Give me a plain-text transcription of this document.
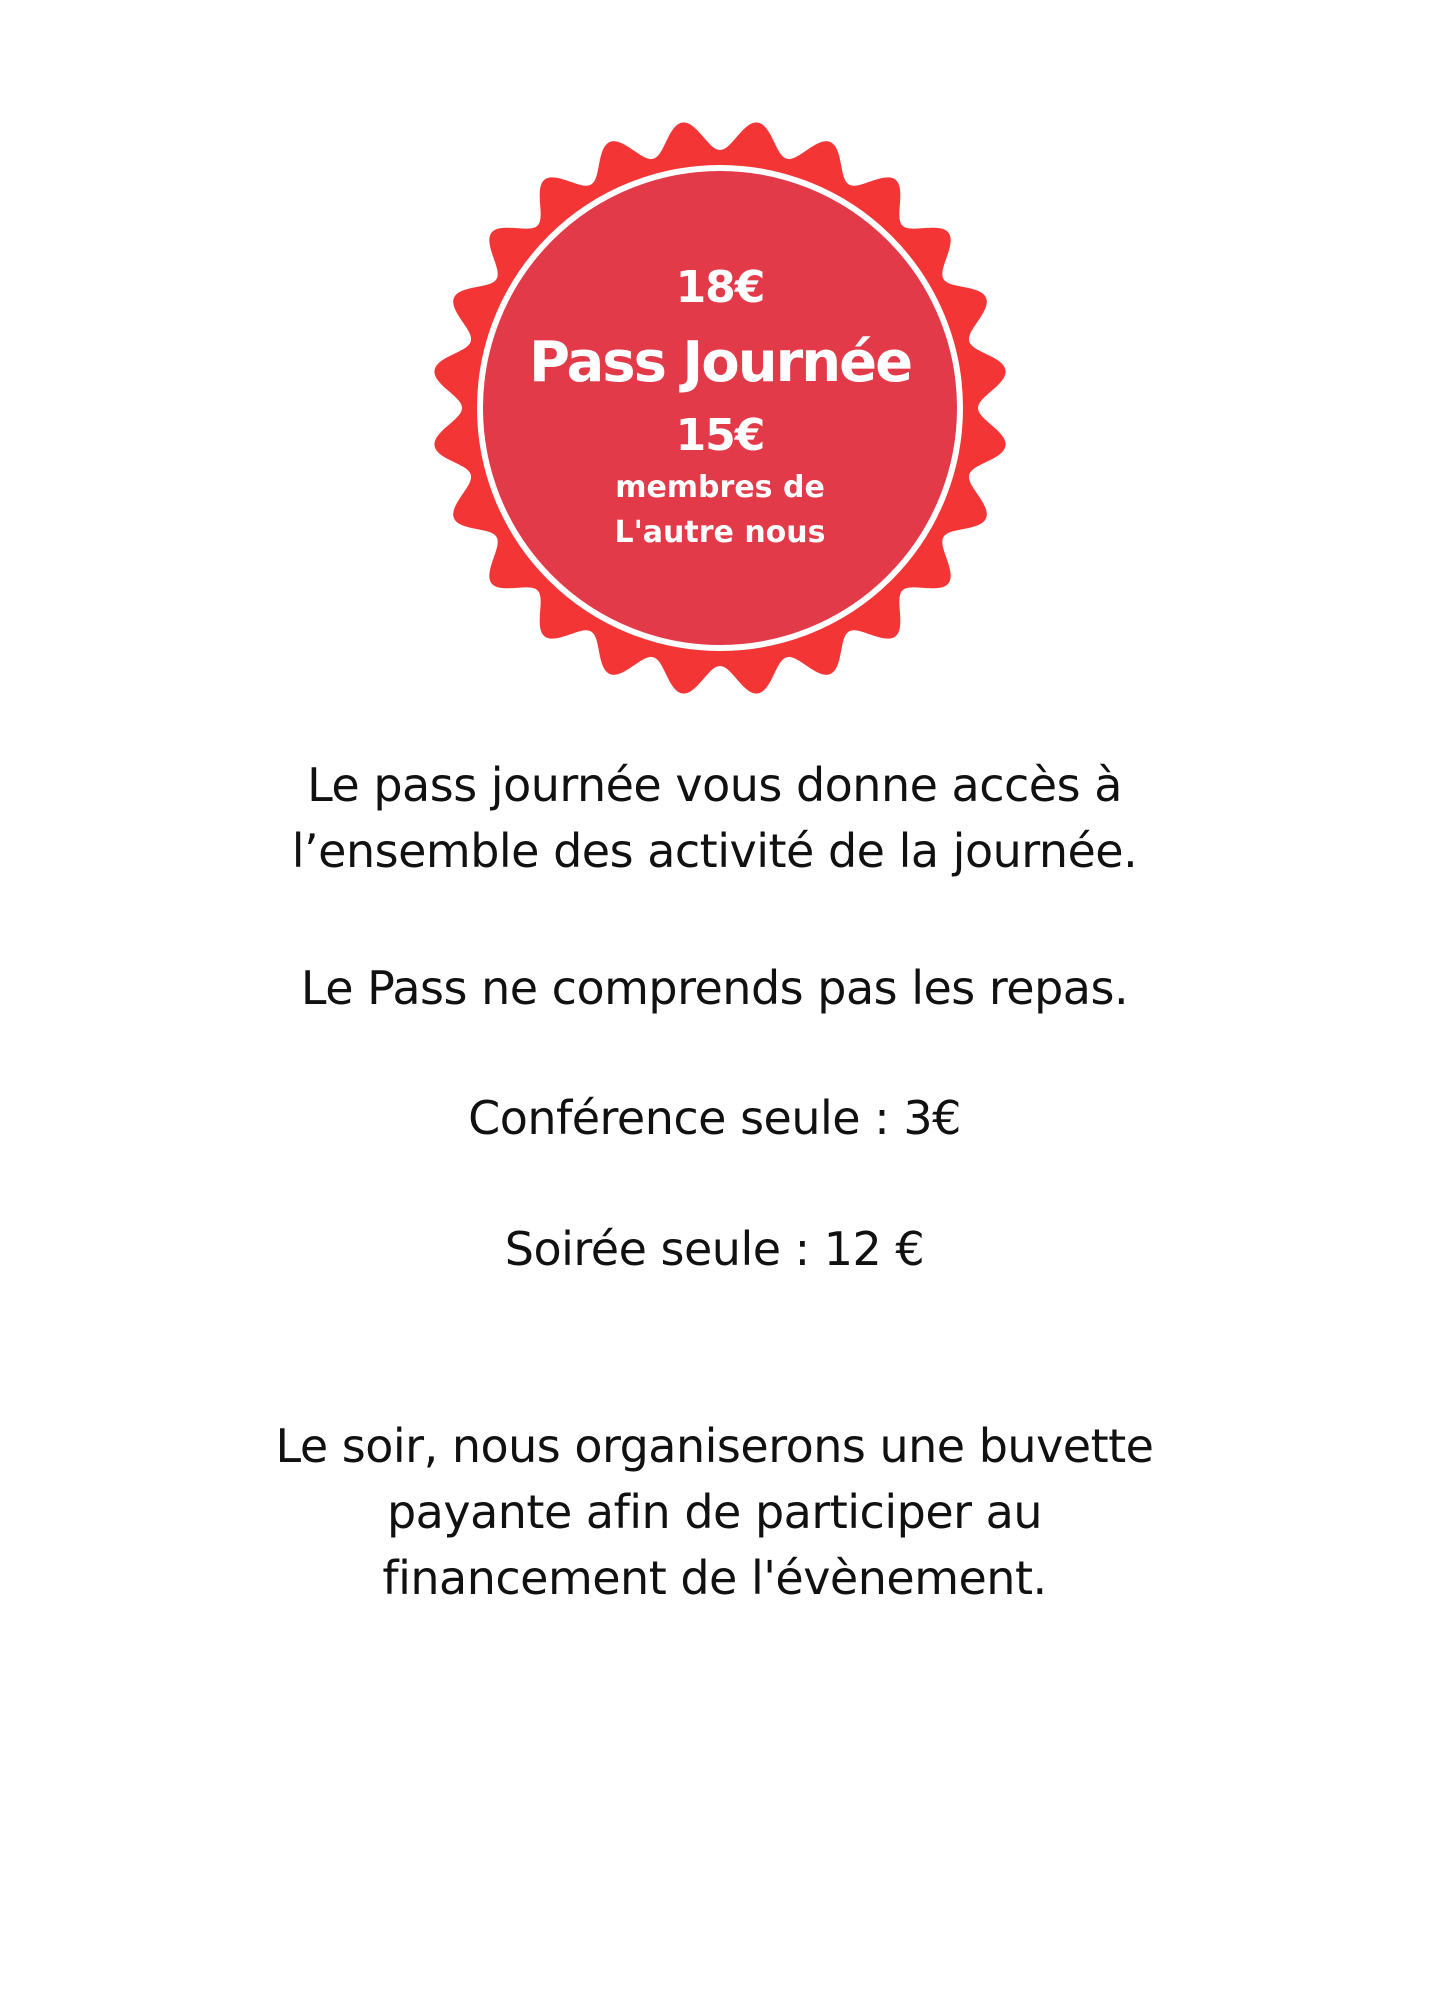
18€
Pass Journée
15€
membres de
L'autre nous

Le pass journée vous donne accès à
l’ensemble des activité de la journée.

Le Pass ne comprends pas les repas.

Conférence seule : 3€

Soirée seule : 12 €

Le soir, nous organiserons une buvette
payante afin de participer au
financement de l'évènement.
